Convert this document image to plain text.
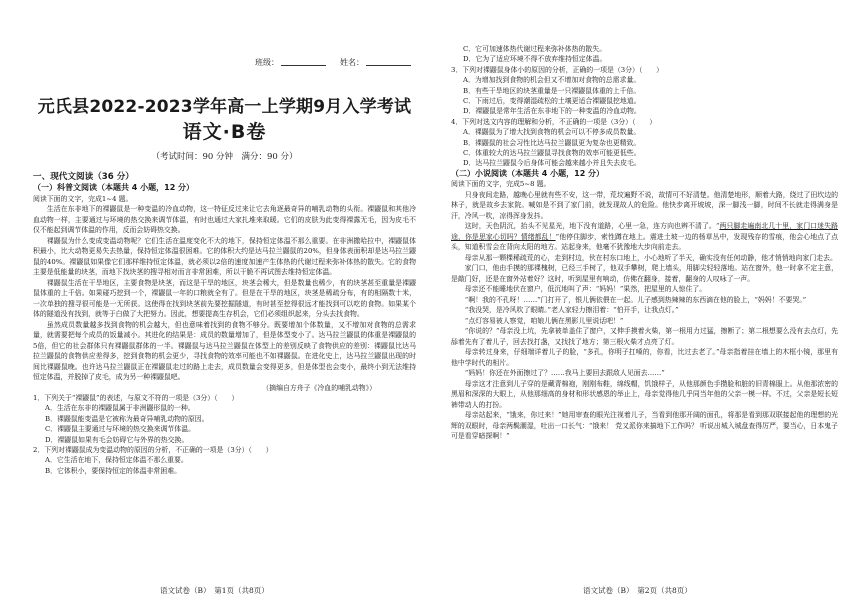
班级：	姓名：
元氏县2022-2023学年高一上学期9月入学考试
语文·B卷
（考试时间：90 分钟　满分：90 分）

一、现代文阅读（36 分）

（一）科普文阅读（本题共 4 小题，12 分）

阅读下面的文字，完成1~4 题。

生活在东非地下的裸鼹鼠是一种变温的冷血动物，这一特征反过来让它去角逐最奇异的哺乳动物的头衔。裸鼹鼠和其他冷血动物一样，主要通过与环境的热交换来调节体温，有时也通过大家扎堆来取暖。它们的皮肤为此变得裸露无毛，因为皮毛不仅不能起到调节体温的作用，反而会妨碍热交换。

裸鼹鼠为什么变成变温动物呢？它们生活在温度变化不大的地下，保持恒定体温不那么重要。在非洲撒哈拉中，裸鼹鼠体积最小，比大动物更易失去热量，保持恒定体温很困难。它的体积大约是达马拉兰鼹鼠的20%，但身体表面积却是达马拉兰鼹鼠的40%。裸鼹鼠如果像它们那样维持恒定体温，就必须以2倍的速度加速产生体热的代谢过程来弥补体热的散失。它的食物主要是低能量的块茎，而地下找块茎的搜寻相对而言非常困难，所以干脆不再试图去维持恒定体温。

裸鼹鼠生活在干旱地区，主要食物是块茎，而这是干旱的地区，块茎会稀大，但是数量也稀少，有的块茎甚至重量是裸鼹鼠体重的上千倍。如果碰巧挖到一个，裸鼹鼠一年的口粮就全有了。但是在干旱的地区，块茎是稀疏分布，有的相隔数十米，一次单独的搜寻很可能是一无所获。这使得在找到块茎前先要挖掘隧道，有时甚至挖得很远才能找到可以吃的食物。如果某个体的隧道没有找到，就等于白做了大把努力。因此，想要提高生存机会，它们必须组织起来，分头去找食物。

虽然成员数量越多找到食物的机会越大，但也意味着找到的食物不够分。既要增加个体数量，又不增加对食物的总需求量，就需要把每个成员的饭量减小。其进化的结果是：成员的数量增加了，但是体型变小了。达马拉兰鼹鼠的体重是裸鼹鼠的5倍，但它的社会群体只有裸鼹鼠群体的一半。裸鼹鼠与达马拉兰鼹鼠在体型上的差别反映了食物供应的差别：裸鼹鼠比达马拉兰鼹鼠的食物供应差得多，挖到食物的机会更少，寻找食物的效率可能也不如裸鼹鼠。在进化史上，达马拉兰鼹鼠出现的时间比裸鼹鼠晚。也许达马拉兰鼹鼠正在裸鼹鼠走过的路上走去，成员数量会变得更多，但是体型也会变小，最终小到无法维持恒定体温，并脱掉了皮毛，成为另一种裸鼹鼠吧。

（摘编自方舟子《冷血的哺乳动物》）

1．下列关于“裸鼹鼠”的表述，与原文不符的一项是（3分）（　　）

A．生活在东非的裸鼹鼠属于非洲鼹形鼠的一种。

B．裸鼹鼠能变温是它被称为最奇异哺乳动物的原因。

C．裸鼹鼠主要通过与环境的热交换来调节体温。

D．裸鼹鼠如果有毛会妨碍它与外界的热交换。

2．下列对裸鼹鼠成为变温动物的原因的分析，不正确的一项是（3分）（　　）

A．它生活在地下，保持恒定体温不那么重要。

B．它体积小，要保持恒定的体温非常困难。

C．它可加速体热代谢过程来弥补体热的散失。

D．它为了适应环境不得不放弃维持恒定体温。

3．下列对裸鼹鼠身体小的原因的分析，正确的一项是（3分）（　　）

A．为增加找到食物的机会但又不增加对食物的总需求量。

B．有些干旱地区的块茎重量是一只裸鼹鼠体重的上千倍。

C．下雨过后，变得潮湿疏松的土壤更适合裸鼹鼠挖地道。

D．裸鼹鼠是常年生活在东非地下的一种变温的冷血动物。

4．下列对选文内容的理解和分析，不正确的一项是（3分）（　　）

A．裸鼹鼠为了增大找到食物的机会可以不停多成员数量。

B．裸鼹鼠的社会习性比达马拉兰鼹鼠更为复杂也更精致。

C．体重较大的达马拉兰鼹鼠寻找食物的效率可能更低些。

D．达马拉兰鼹鼠今后身体可能会越来越小并且失去皮毛。

（二）小说阅读（本题共 4 小题，12 分）

阅读下面的文字，完成5~8 题。

只身夜间走路，越晚心里就有些不安，这一带，荒坟遍野不说，故情可不好清楚。他清楚地形，顺着大路，绕过了田坎边的林子，就是故乡去家院。喊如是不到了家门前，就发现故人的危险。他快步离开坡坡，深一脚浅一脚，时间不长就走得满身是汗，冷风一吹，凉得浑身发抖。

这时，天色阴沉，抬头不见星光，地下没有道路，心里一急，连方向也辨不清了。“两只脚走遍南北几十里，家门口迷失路途，你是思家心切吗？情绪都乱！”他停住脚步，索性蹲在地上。震进土坡一边的杨草丛中，发现残存的雪痕，他会心地点了点头，知道积雪会在背向太阳的地方。站起身来，他毫不犹豫地大步向前走去。

母亲从那一颗棵稀疏荒的心，走到村边，伙在村东口地上，小心地听了半天，确实没有任何动静，他才悄悄地向家门走去。

家门口，他由手摸的那裸槐树，已经三手树了，他双手攀树，爬上墙头，用脚尖轻轻落地。站在窗外，他一时拿不定主意，是敲门好，还是在窗外站着好？这时，听到屋里有响动，仿佛在翻身，接着，翻身的人叹咏了一声。

母亲还不能睡地伏在窗户，低沉地叫了声：“妈妈！”果然，把屋里的人惊住了。

“啊！我的不孔呀！……”门打开了，银儿俩依偎在一起。儿子感到热辣辣的东西滴在他的脸上，“妈妈！不要哭。”

“我没哭，是冷风吹了眼睛。”老人家轻力擦泪着：“怕开手，让我点灯。”

“点灯容易被人察觉，咱娘儿俩在黑影儿里说话吧！”

“你说的？”母亲没上坑，先拿被单盖住了窗户，又伸手摸着火柴，第一根用力过猛，擦断了；第二根想要么没有去点灯，先舔着先有了着儿子，回去找打盏，又找找了地方；第三根火柴才点亮了灯。

母亲转过身来，仔细端详着儿子的脸，“多孔，你明子扛嗓的，你看，比过去老了。”母亲指着挂在墙上的木框小镜，那里有他中学时代的相片。

“妈妈！你还在外面擦过了？……我马上要回去跟敌人见面去……”

母亲这才注意到儿子穿的是藏青棉袍，刚刚布鞋，绵线帽，饥饿样子，从他那颜色手攒脸和脏的旧青棉服上。从他那浓密的黑眉和深深的大眼上，从他那细高的身材和形状感恩的举止上，母亲觉得他几乎同当年他的父亲一模一样。不过，父亲是短长短裤带动人的打扮。

母亲站起来，“饿来，你过来！”她用审查的眼光注视着儿子，当看到他那开阔的面孔，将那是看到那双联接起他的理想的光辉的双眼时，母亲两鬓潮湿，吐出一口长气：“饿来！ 党又派你来搞地下工作吗？ 听说出城入城盘查得厉严，要当心，日本鬼子可是看穿暗探啊！”

语文试卷（B）　第1页（共8页）	语文试卷（B）　第2页（共8页）
